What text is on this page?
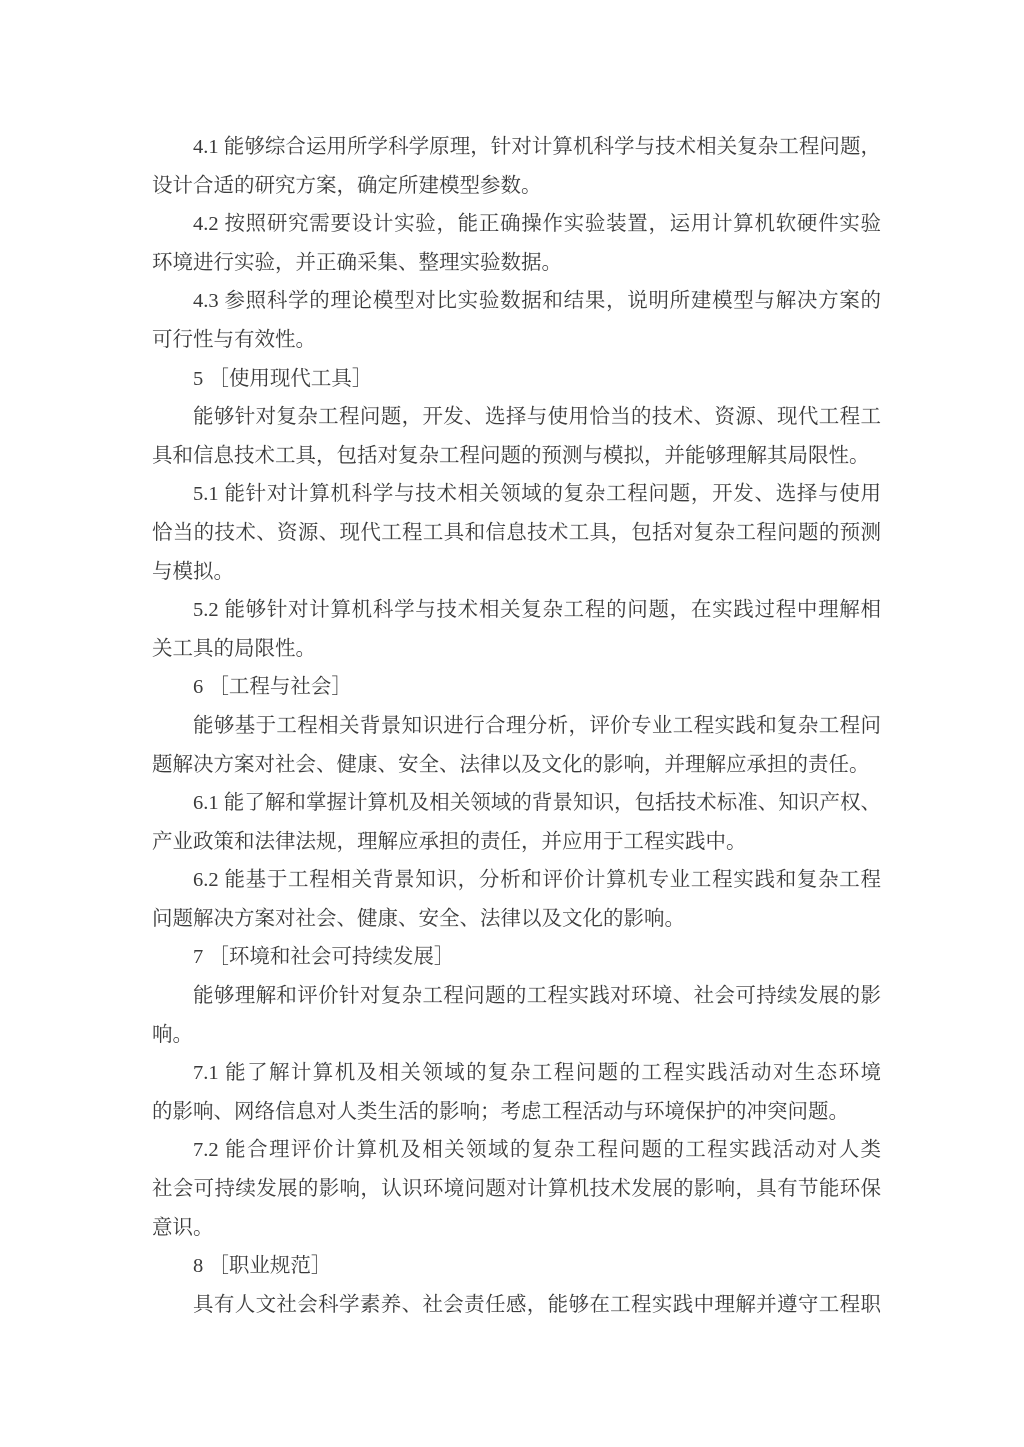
4.1 能够综合运用所学科学原理，针对计算机科学与技术相关复杂工程问题，
设计合适的研究方案，确定所建模型参数。
4.2 按照研究需要设计实验，能正确操作实验装置，运用计算机软硬件实验
环境进行实验，并正确采集、整理实验数据。
4.3 参照科学的理论模型对比实验数据和结果，说明所建模型与解决方案的
可行性与有效性。
5 ［使用现代工具］
能够针对复杂工程问题，开发、选择与使用恰当的技术、资源、现代工程工
具和信息技术工具，包括对复杂工程问题的预测与模拟，并能够理解其局限性。
5.1 能针对计算机科学与技术相关领域的复杂工程问题，开发、选择与使用
恰当的技术、资源、现代工程工具和信息技术工具，包括对复杂工程问题的预测
与模拟。
5.2 能够针对计算机科学与技术相关复杂工程的问题，在实践过程中理解相
关工具的局限性。
6 ［工程与社会］
能够基于工程相关背景知识进行合理分析，评价专业工程实践和复杂工程问
题解决方案对社会、健康、安全、法律以及文化的影响，并理解应承担的责任。
6.1 能了解和掌握计算机及相关领域的背景知识，包括技术标准、知识产权、
产业政策和法律法规，理解应承担的责任，并应用于工程实践中。
6.2 能基于工程相关背景知识，分析和评价计算机专业工程实践和复杂工程
问题解决方案对社会、健康、安全、法律以及文化的影响。
7 ［环境和社会可持续发展］
能够理解和评价针对复杂工程问题的工程实践对环境、社会可持续发展的影
响。
7.1 能了解计算机及相关领域的复杂工程问题的工程实践活动对生态环境
的影响、网络信息对人类生活的影响；考虑工程活动与环境保护的冲突问题。
7.2 能合理评价计算机及相关领域的复杂工程问题的工程实践活动对人类
社会可持续发展的影响，认识环境问题对计算机技术发展的影响，具有节能环保
意识。
8 ［职业规范］
具有人文社会科学素养、社会责任感，能够在工程实践中理解并遵守工程职
